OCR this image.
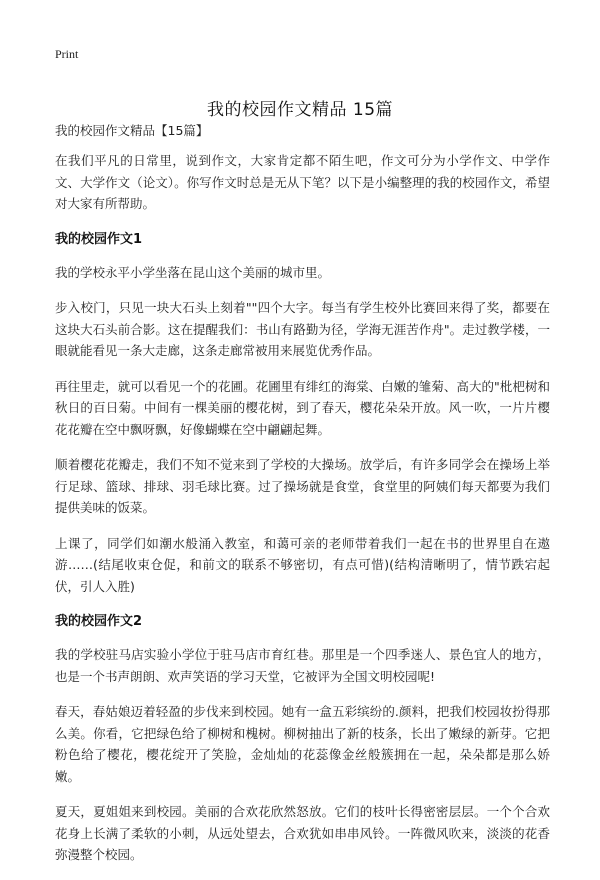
Print
我的校园作文精品 15篇
我的校园作文精品【15篇】

在我们平凡的日常里，说到作文，大家肯定都不陌生吧，作文可分为小学作文、中学作文、大学作文（论文）。你写作文时总是无从下笔？以下是小编整理的我的校园作文，希望对大家有所帮助。

我的校园作文1

我的学校永平小学坐落在昆山这个美丽的城市里。

步入校门，只见一块大石头上刻着""四个大字。每当有学生校外比赛回来得了奖，都要在这块大石头前合影。这在提醒我们：书山有路勤为径，学海无涯苦作舟"。走过教学楼，一眼就能看见一条大走廊，这条走廊常被用来展览优秀作品。

再往里走，就可以看见一个的花圃。花圃里有绯红的海棠、白嫩的雏菊、高大的"枇杷树和秋日的百日菊。中间有一棵美丽的樱花树，到了春天，樱花朵朵开放。风一吹，一片片樱花花瓣在空中飘呀飘，好像蝴蝶在空中翩翩起舞。

顺着樱花花瓣走，我们不知不觉来到了学校的大操场。放学后，有许多同学会在操场上举行足球、篮球、排球、羽毛球比赛。过了操场就是食堂，食堂里的阿姨们每天都要为我们提供美味的饭菜。

上课了，同学们如潮水般涌入教室，和蔼可亲的老师带着我们一起在书的世界里自在遨游……(结尾收束仓促，和前文的联系不够密切，有点可惜)(结构清晰明了，情节跌宕起伏，引人入胜)

我的校园作文2

我的学校驻马店实验小学位于驻马店市育红巷。那里是一个四季迷人、景色宜人的地方，也是一个书声朗朗、欢声笑语的学习天堂，它被评为全国文明校园呢!

春天，春姑娘迈着轻盈的步伐来到校园。她有一盒五彩缤纷的.颜料，把我们校园妆扮得那么美。你看，它把绿色给了柳树和槐树。柳树抽出了新的枝条，长出了嫩绿的新芽。它把粉色给了樱花，樱花绽开了笑脸，金灿灿的花蕊像金丝般簇拥在一起，朵朵都是那么娇嫩。

夏天，夏姐姐来到校园。美丽的合欢花欣然怒放。它们的枝叶长得密密层层。一个个合欢花身上长满了柔软的小刺，从远处望去，合欢犹如串串风铃。一阵微风吹来，淡淡的花香弥漫整个校园。
